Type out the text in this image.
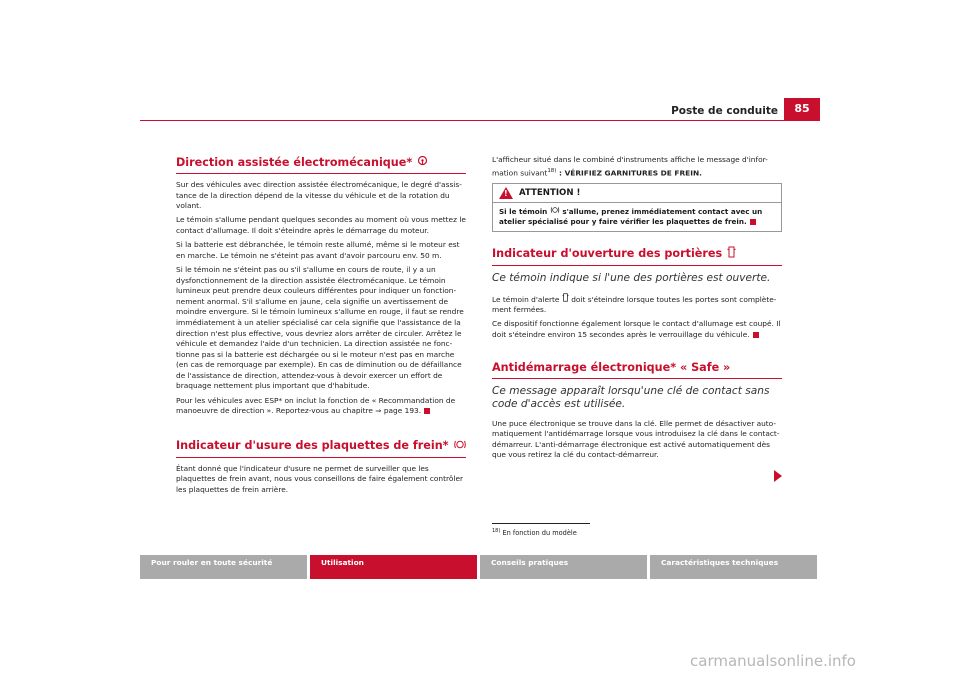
Poste de conduite	85
Direction assistée électromécanique*

Sur des véhicules avec direction assistée électromécanique, le degré d'assis-tance de la direction dépend de la vitesse du véhicule et de la rotation du volant.

Le témoin s'allume pendant quelques secondes au moment où vous mettez le contact d'allumage. Il doit s'éteindre après le démarrage du moteur.

Si la batterie est débranchée, le témoin reste allumé, même si le moteur est en marche. Le témoin ne s'éteint pas avant d'avoir parcouru env. 50 m.

Si le témoin ne s'éteint pas ou s'il s'allume en cours de route, il y a un dysfonctionnement de la direction assistée électromécanique. Le témoin lumineux peut prendre deux couleurs différentes pour indiquer un fonction-nement anormal. S'il s'allume en jaune, cela signifie un avertissement de moindre envergure. Si le témoin lumineux s'allume en rouge, il faut se rendre immédiatement à un atelier spécialisé car cela signifie que l'assistance de la direction n'est plus effective, vous devriez alors arrêter de circuler. Arrêtez le véhicule et demandez l'aide d'un technicien. La direction assistée ne fonc-tionne pas si la batterie est déchargée ou si le moteur n'est pas en marche (en cas de remorquage par exemple). En cas de diminution ou de défaillance de l'assistance de direction, attendez-vous à devoir exercer un effort de braquage nettement plus important que d'habitude.

Pour les véhicules avec ESP* on inclut la fonction de « Recommandation de manoeuvre de direction ». Reportez-vous au chapitre ⇒ page 193.

Indicateur d'usure des plaquettes de frein*

Étant donné que l'indicateur d'usure ne permet de surveiller que les plaquettes de frein avant, nous vous conseillons de faire également contrôler les plaquettes de frein arrière.

L'afficheur situé dans le combiné d'instruments affiche le message d'infor-mation suivant$^{18)}$ : VÉRIFIEZ GARNITURES DE FREIN.

! ATTENTION !
Si le témoin  s'allume, prenez immédiatement contact avec un atelier spécialisé pour y faire vérifier les plaquettes de frein.
Indicateur d'ouverture des portières
Ce témoin indique si l'une des portières est ouverte.

Le témoin d'alerte  doit s'éteindre lorsque toutes les portes sont complète-ment fermées.

Ce dispositif fonctionne également lorsque le contact d'allumage est coupé. Il doit s'éteindre environ 15 secondes après le verrouillage du véhicule.

Antidémarrage électronique* « Safe »
Ce message apparaît lorsqu'une clé de contact sans code d'accès est utilisée.

Une puce électronique se trouve dans la clé. Elle permet de désactiver auto-matiquement l'antidémarrage lorsque vous introduisez la clé dans le contact-démarreur. L'anti-démarrage électronique est activé automatiquement dès que vous retirez la clé du contact-démarreur.

$^{18)}$ En fonction du modèle
Pour rouler en toute sécurité	Utilisation	Conseils pratiques	Caractéristiques techniques
carmanualsonline.info
